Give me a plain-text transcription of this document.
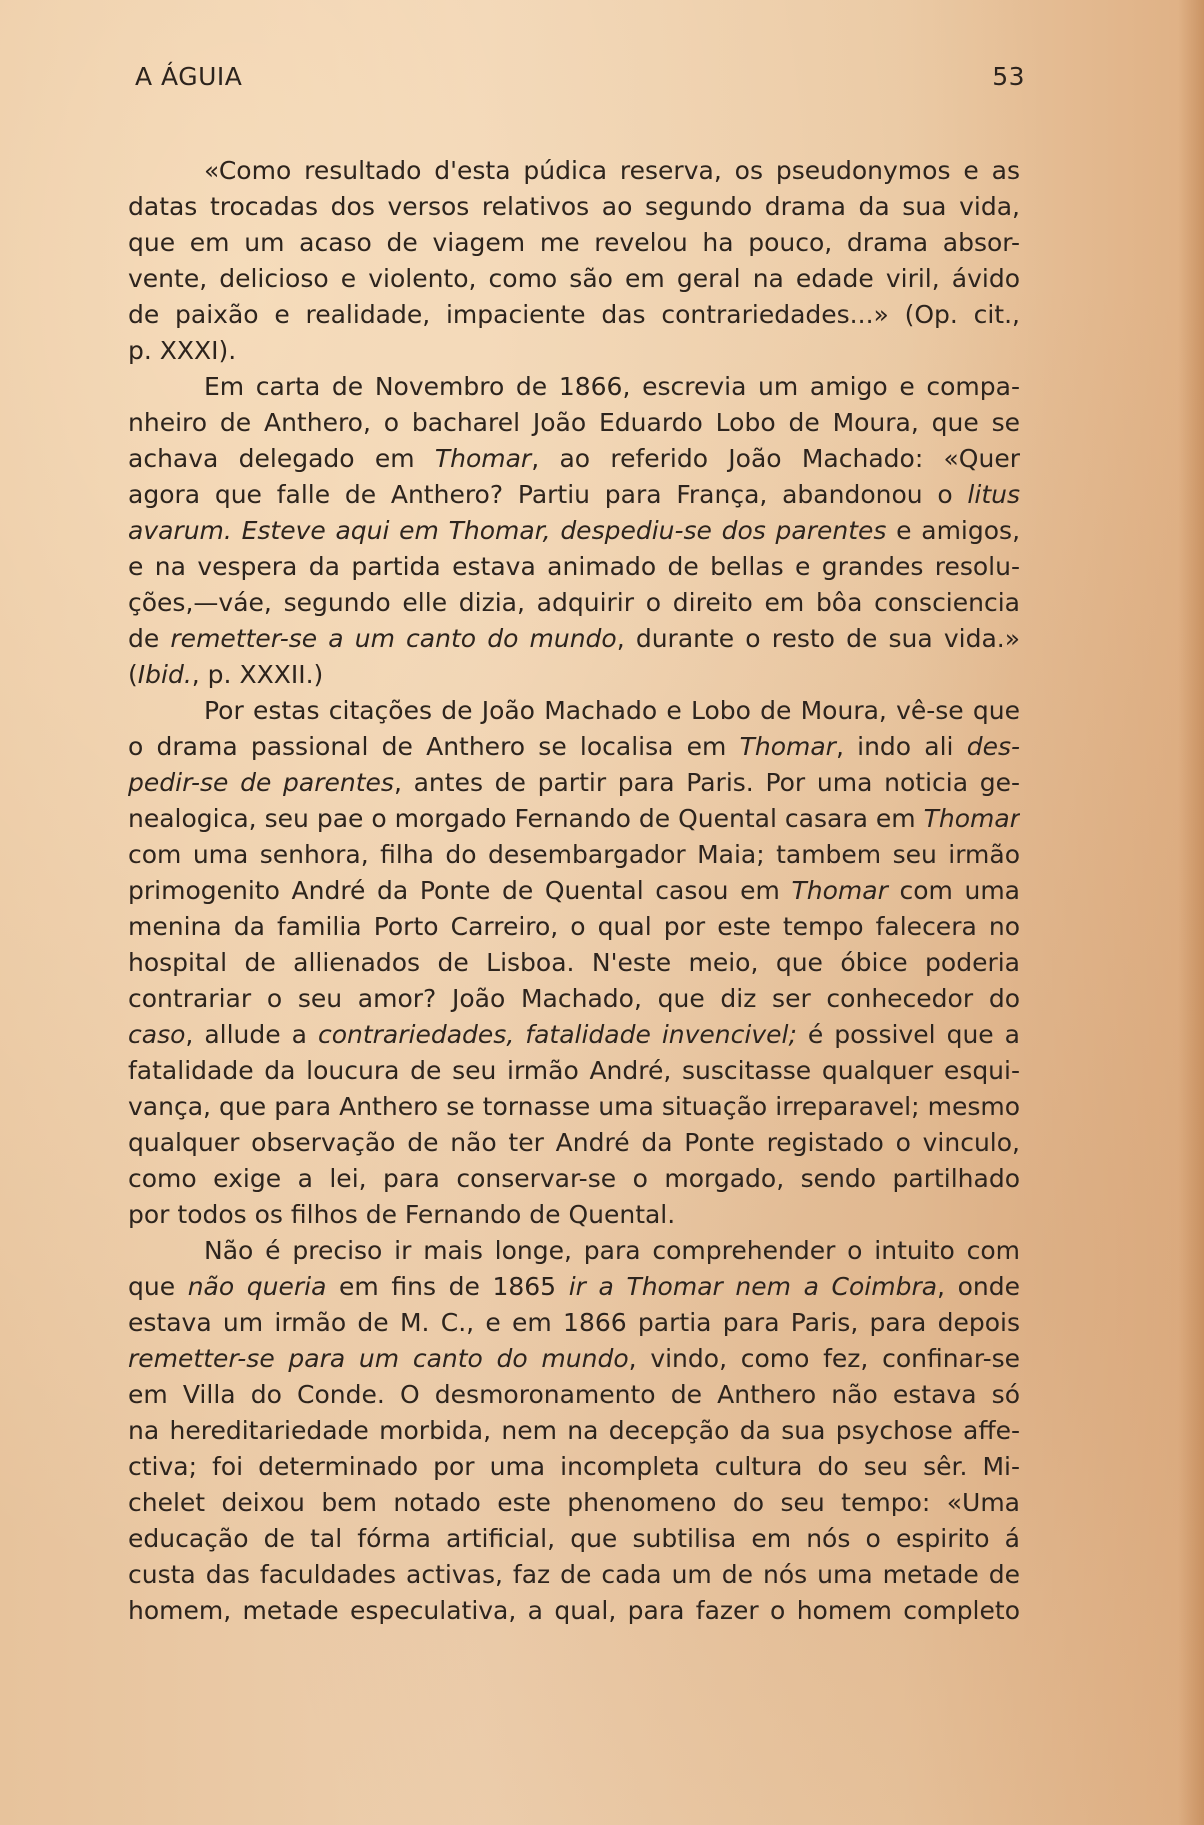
A ÁGUIA	53
«Como resultado d'esta púdica reserva, os pseudonymos e as
datas trocadas dos versos relativos ao segundo drama da sua vida,
que em um acaso de viagem me revelou ha pouco, drama absor-
vente, delicioso e violento, como são em geral na edade viril, ávido
de paixão e realidade, impaciente das contrariedades...» (Op. cit.,
p. XXXI).
Em carta de Novembro de 1866, escrevia um amigo e compa-
nheiro de Anthero, o bacharel João Eduardo Lobo de Moura, que se
achava delegado em Thomar, ao referido João Machado: «Quer
agora que falle de Anthero? Partiu para França, abandonou o litus
avarum. Esteve aqui em Thomar, despediu-se dos parentes e amigos,
e na vespera da partida estava animado de bellas e grandes resolu-
ções,—váe, segundo elle dizia, adquirir o direito em bôa consciencia
de remetter-se a um canto do mundo, durante o resto de sua vida.»
(Ibid., p. XXXII.)
Por estas citações de João Machado e Lobo de Moura, vê-se que
o drama passional de Anthero se localisa em Thomar, indo ali des-
pedir-se de parentes, antes de partir para Paris. Por uma noticia ge-
nealogica, seu pae o morgado Fernando de Quental casara em Thomar
com uma senhora, filha do desembargador Maia; tambem seu irmão
primogenito André da Ponte de Quental casou em Thomar com uma
menina da familia Porto Carreiro, o qual por este tempo falecera no
hospital de allienados de Lisboa. N'este meio, que óbice poderia
contrariar o seu amor? João Machado, que diz ser conhecedor do
caso, allude a contrariedades, fatalidade invencivel; é possivel que a
fatalidade da loucura de seu irmão André, suscitasse qualquer esqui-
vança, que para Anthero se tornasse uma situação irreparavel; mesmo
qualquer observação de não ter André da Ponte registado o vinculo,
como exige a lei, para conservar-se o morgado, sendo partilhado
por todos os filhos de Fernando de Quental.
Não é preciso ir mais longe, para comprehender o intuito com
que não queria em fins de 1865 ir a Thomar nem a Coimbra, onde
estava um irmão de M. C., e em 1866 partia para Paris, para depois
remetter-se para um canto do mundo, vindo, como fez, confinar-se
em Villa do Conde. O desmoronamento de Anthero não estava só
na hereditariedade morbida, nem na decepção da sua psychose affe-
ctiva; foi determinado por uma incompleta cultura do seu sêr. Mi-
chelet deixou bem notado este phenomeno do seu tempo: «Uma
educação de tal fórma artificial, que subtilisa em nós o espirito á
custa das faculdades activas, faz de cada um de nós uma metade de
homem, metade especulativa, a qual, para fazer o homem completo
